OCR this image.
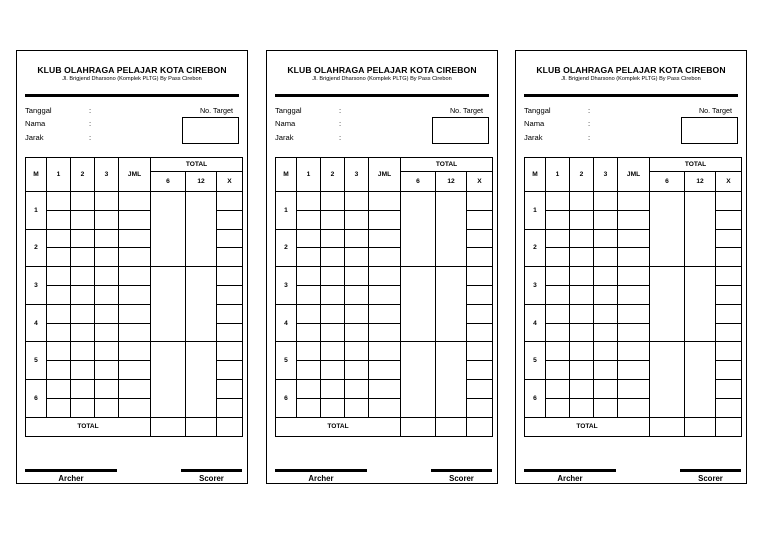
KLUB OLAHRAGA PELAJAR KOTA CIREBON
Jl. Brigjend Dharsono (Komplek PLTG) By Pass Cirebon
Tanggal	:
Nama	:
Jarak	:
No. Target
M	1	2	3	JML	TOTAL		
					6	12	X
1							

2							

3							

4							

5							

6							

TOTAL							
Archer	Scorer
KLUB OLAHRAGA PELAJAR KOTA CIREBON
Jl. Brigjend Dharsono (Komplek PLTG) By Pass Cirebon
Tanggal	:
Nama	:
Jarak	:
No. Target
M	1	2	3	JML	TOTAL		
					6	12	X
1							

2							

3							

4							

5							

6							

TOTAL							
Archer	Scorer
KLUB OLAHRAGA PELAJAR KOTA CIREBON
Jl. Brigjend Dharsono (Komplek PLTG) By Pass Cirebon
Tanggal	:
Nama	:
Jarak	:
No. Target
M	1	2	3	JML	TOTAL		
					6	12	X
1							

2							

3							

4							

5							

6							

TOTAL							
Archer	Scorer
